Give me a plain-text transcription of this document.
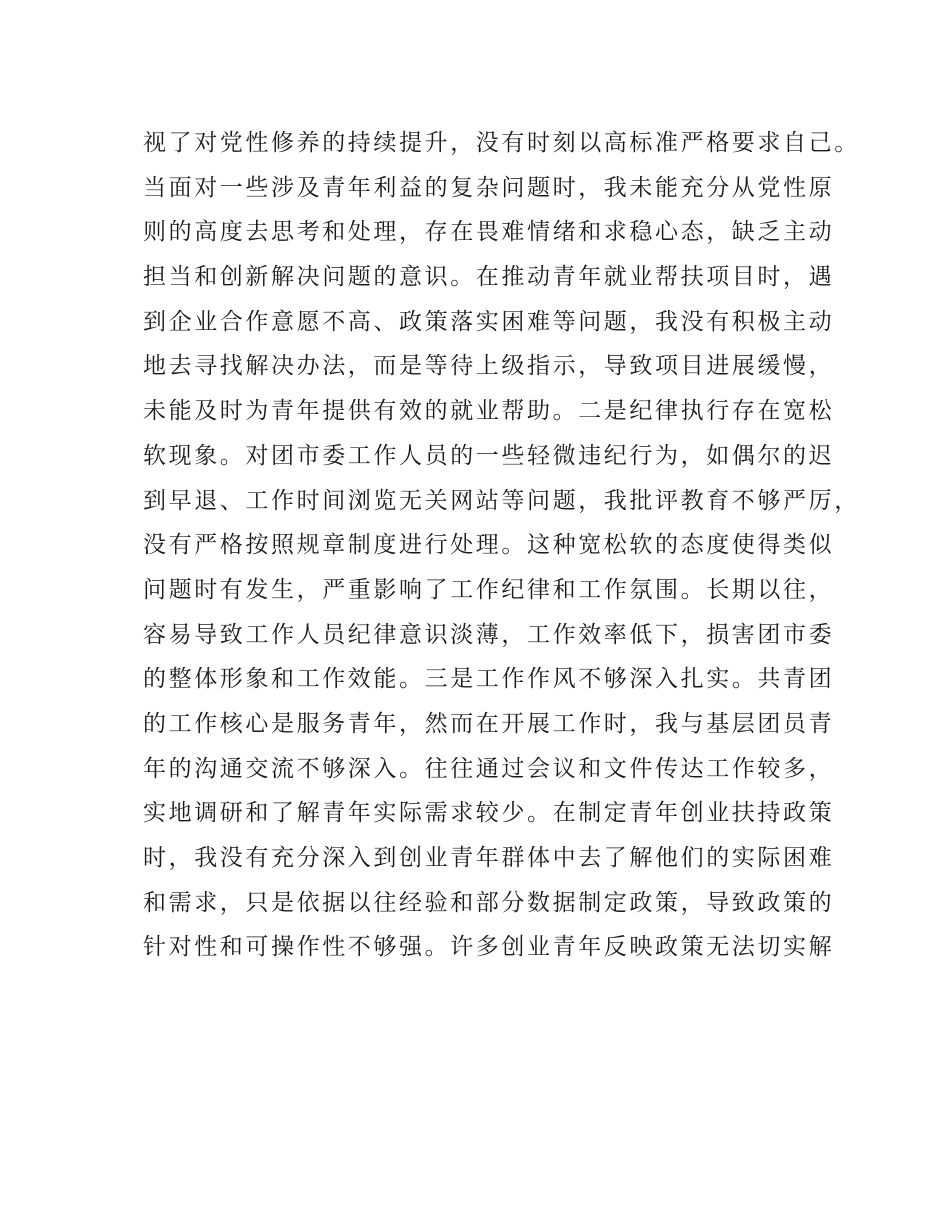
视了对党性修养的持续提升，没有时刻以高标准严格要求自己。
当面对一些涉及青年利益的复杂问题时，我未能充分从党性原
则的高度去思考和处理，存在畏难情绪和求稳心态，缺乏主动
担当和创新解决问题的意识。在推动青年就业帮扶项目时，遇
到企业合作意愿不高、政策落实困难等问题，我没有积极主动
地去寻找解决办法，而是等待上级指示，导致项目进展缓慢，
未能及时为青年提供有效的就业帮助。二是纪律执行存在宽松
软现象。对团市委工作人员的一些轻微违纪行为，如偶尔的迟
到早退、工作时间浏览无关网站等问题，我批评教育不够严厉，
没有严格按照规章制度进行处理。这种宽松软的态度使得类似
问题时有发生，严重影响了工作纪律和工作氛围。长期以往，
容易导致工作人员纪律意识淡薄，工作效率低下，损害团市委
的整体形象和工作效能。三是工作作风不够深入扎实。共青团
的工作核心是服务青年，然而在开展工作时，我与基层团员青
年的沟通交流不够深入。往往通过会议和文件传达工作较多，
实地调研和了解青年实际需求较少。在制定青年创业扶持政策
时，我没有充分深入到创业青年群体中去了解他们的实际困难
和需求，只是依据以往经验和部分数据制定政策，导致政策的
针对性和可操作性不够强。许多创业青年反映政策无法切实解
